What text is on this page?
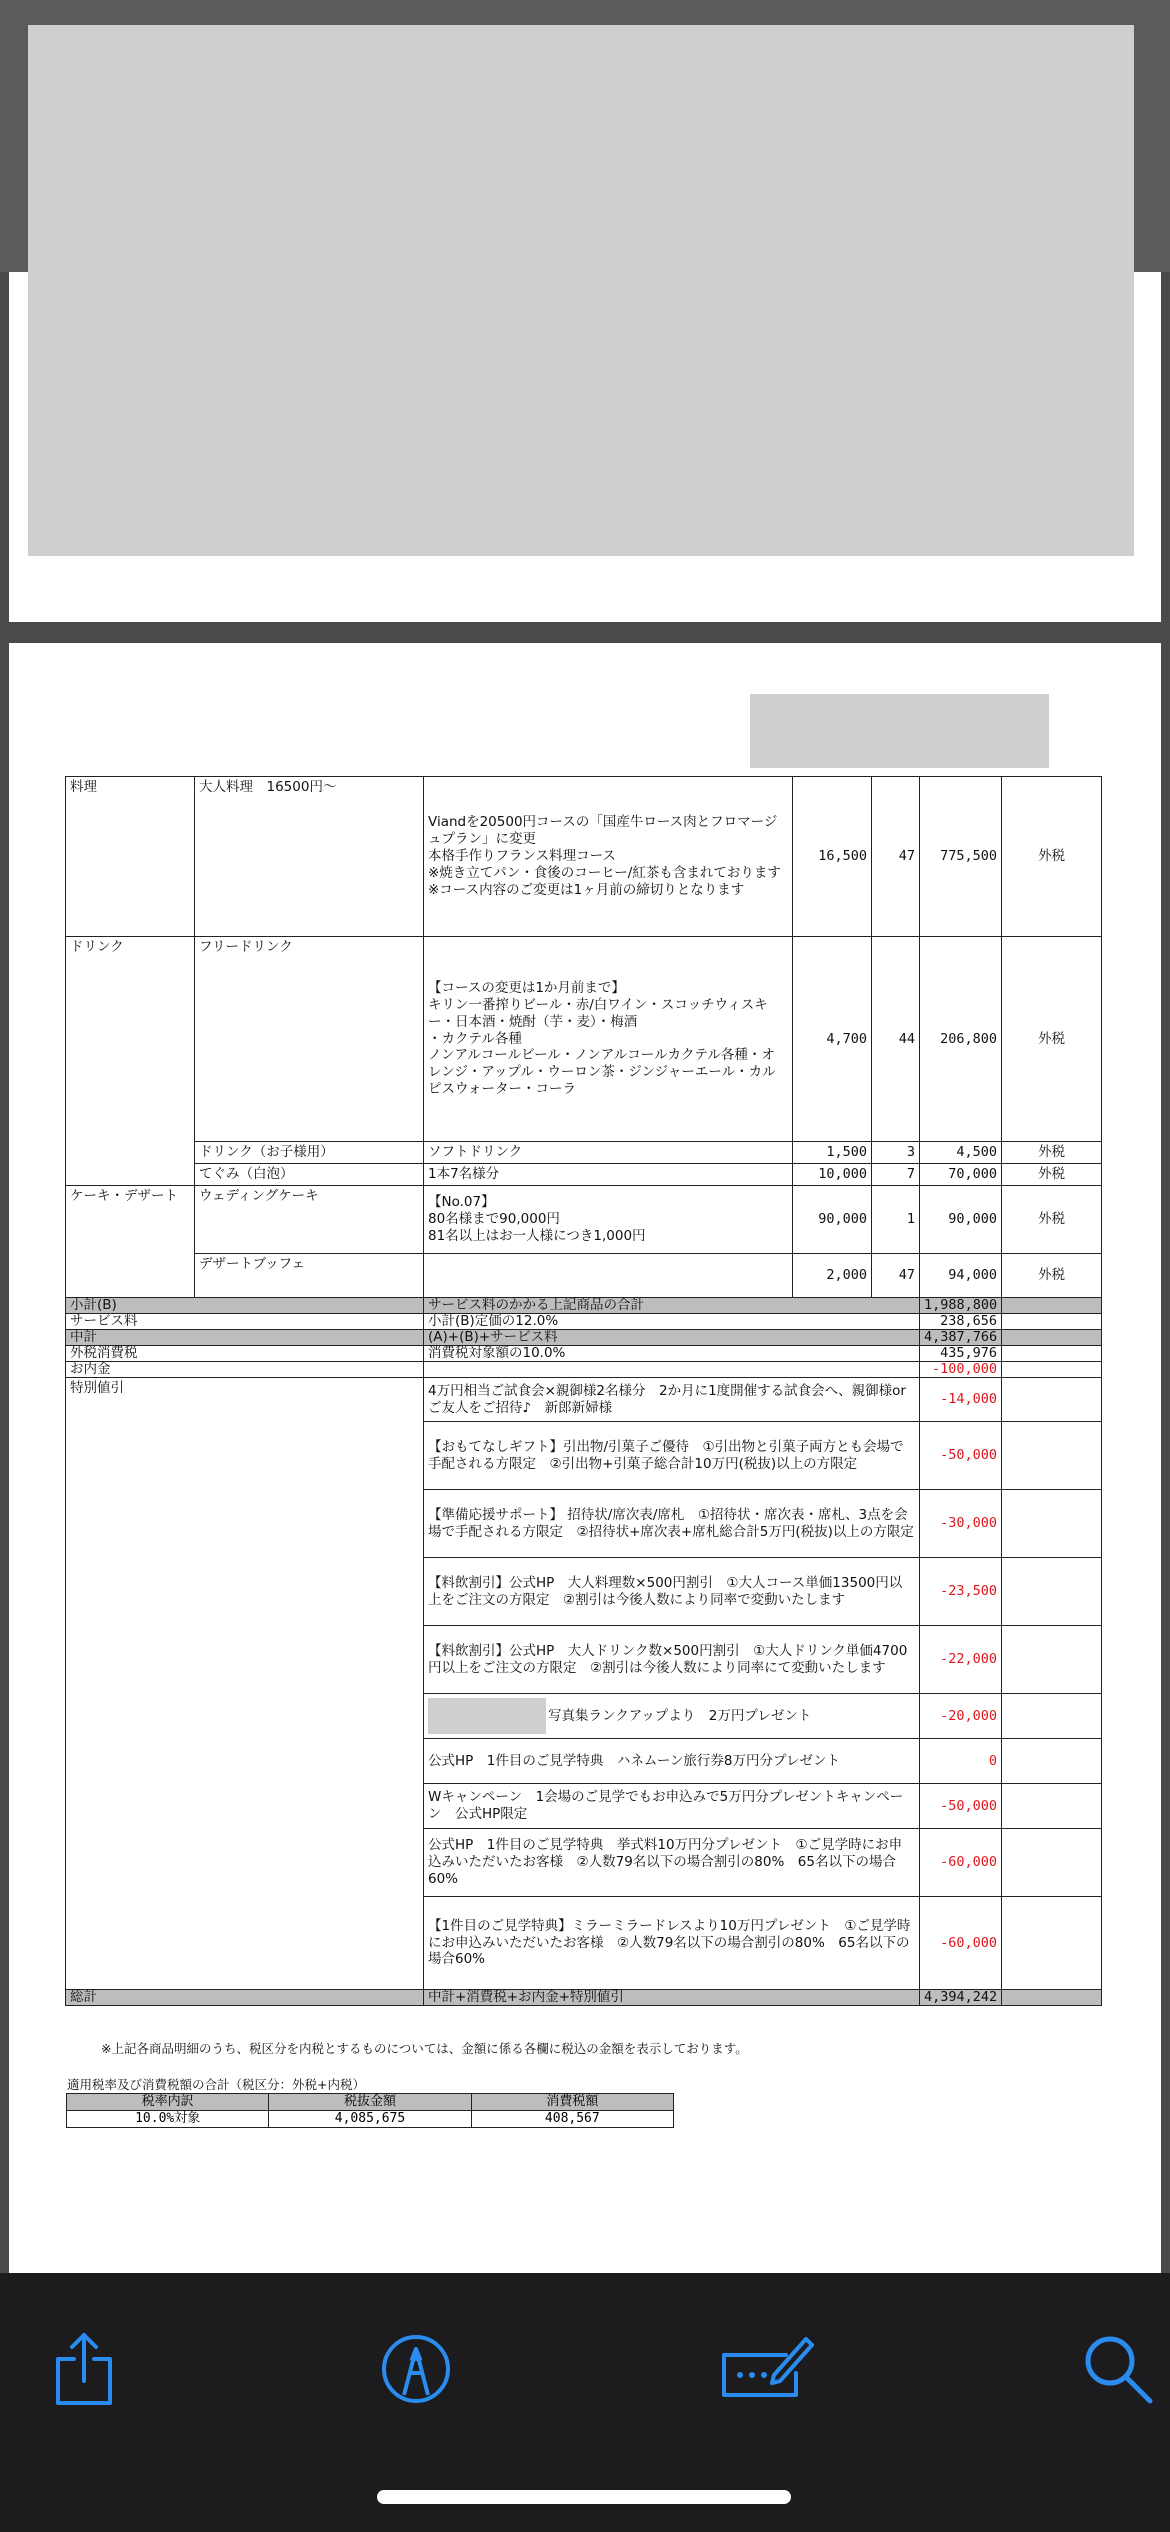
料理	大人料理　16500円～	Viandを20500円コースの「国産牛ロース肉とフロマージュプラン」に変更
本格手作りフランス料理コース
※焼き立てパン・食後のコーヒー/紅茶も含まれております
※コース内容のご変更は1ヶ月前の締切りとなります	16,500	47	775,500	外税
ドリンク	フリードリンク	【コースの変更は1か月前まで】
キリン一番搾りビール・赤/白ワイン・スコッチウィスキー・日本酒・焼酎（芋・麦）・梅酒
・カクテル各種
ノンアルコールビール・ノンアルコールカクテル各種・オレンジ・アップル・ウーロン茶・ジンジャーエール・カルピスウォーター・コーラ	4,700	44	206,800	外税
	ドリンク（お子様用）	ソフトドリンク	1,500	3	4,500	外税
	てぐみ（白泡）	1本7名様分	10,000	7	70,000	外税
ケーキ・デザート	ウェディングケーキ	【No.07】
80名様まで90,000円
81名以上はお一人様につき1,000円	90,000	1	90,000	外税
	デザートブッフェ		2,000	47	94,000	外税
小計(B)		サービス料のかかる上記商品の合計			1,988,800	
サービス料		小計(B)定価の12.0%			238,656	
中計		(A)+(B)+サービス料			4,387,766	
外税消費税		消費税対象額の10.0%			435,976	
お内金					-100,000	
特別値引		4万円相当ご試食会×親御様2名様分　2か月に1度開催する試食会へ、親御様orご友人をご招待♪　新郎新婦様			-14,000	
		【おもてなしギフト】引出物/引菓子ご優待　①引出物と引菓子両方とも会場で手配される方限定　②引出物+引菓子総合計10万円(税抜)以上の方限定			-50,000	
		【準備応援サポート】 招待状/席次表/席札　①招待状・席次表・席札、3点を会場で手配される方限定　②招待状+席次表+席札総合計5万円(税抜)以上の方限定			-30,000	
		【料飲割引】公式HP　大人料理数×500円割引　①大人コース単価13500円以上をご注文の方限定　②割引は今後人数により同率で変動いたします			-23,500	
		【料飲割引】公式HP　大人ドリンク数×500円割引　①大人ドリンク単価4700円以上をご注文の方限定　②割引は今後人数により同率にて変動いたします			-22,000	

		写真集ランクアップより　2万円プレゼント			-20,000	
		公式HP　1件目のご見学特典　ハネムーン旅行券8万円分プレゼント			0	
		Wキャンペーン　1会場のご見学でもお申込みで5万円分プレゼントキャンペーン　公式HP限定			-50,000	
		公式HP　1件目のご見学特典　挙式料10万円分プレゼント　①ご見学時にお申込みいただいたお客様　②人数79名以下の場合割引の80%　65名以下の場合60%			-60,000	
		【1件目のご見学特典】ミラーミラードレスより10万円プレゼント　①ご見学時にお申込みいただいたお客様　②人数79名以下の場合割引の80%　65名以下の場合60%			-60,000	
総計		中計+消費税+お内金+特別値引			4,394,242	
※上記各商品明細のうち、税区分を内税とするものについては、金額に係る各欄に税込の金額を表示しております。
適用税率及び消費税額の合計（税区分：外税+内税）
税率内訳	税抜金額	消費税額
10.0%対象	4,085,675	408,567
